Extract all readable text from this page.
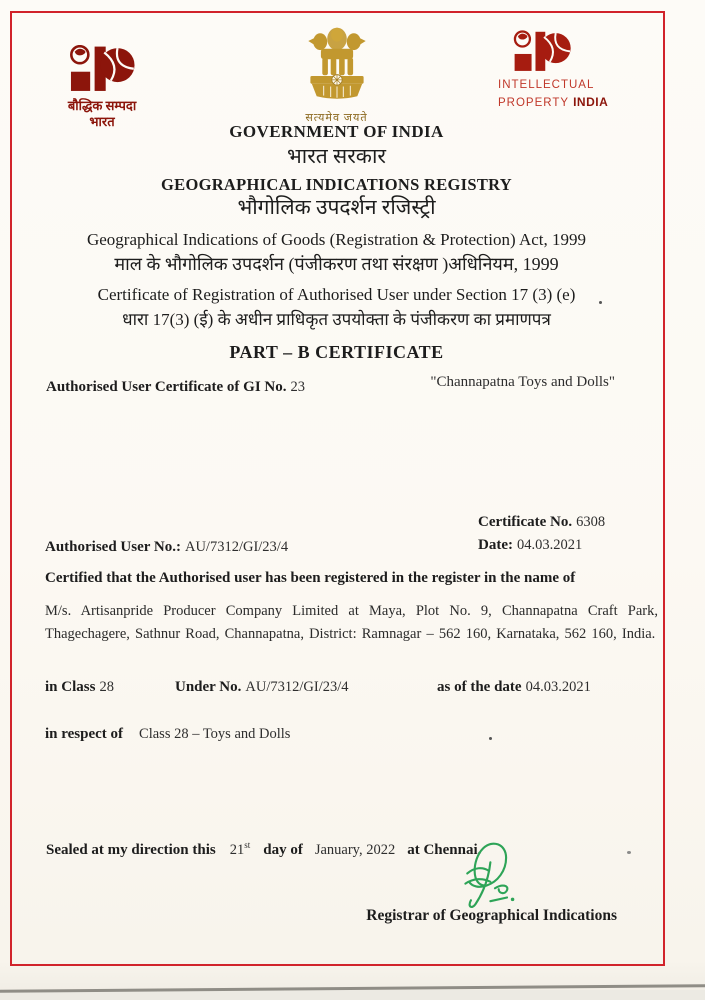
बौद्धिक सम्पदा
भारत	सत्यमेव जयते
INTELLECTUAL
PROPERTY INDIA
GOVERNMENT OF INDIA
भारत सरकार
GEOGRAPHICAL INDICATIONS REGISTRY
भौगोलिक उपदर्शन रजिस्ट्री
Geographical Indications of Goods (Registration & Protection) Act, 1999
माल के भौगोलिक उपदर्शन (पंजीकरण तथा संरक्षण )अधिनियम, 1999
Certificate of Registration of Authorised User under Section 17 (3) (e)
धारा 17(3) (ई) के अधीन प्राधिकृत उपयोक्ता के पंजीकरण का प्रमाणपत्र
PART – B CERTIFICATE
Authorised User Certificate of GI No. 23	"Channapatna Toys and Dolls"
Certificate No. 6308
Date: 04.03.2021
Authorised User No.: AU/7312/GI/23/4
Certified that the Authorised user has been registered in the register in the name of
M/s. Artisanpride Producer Company Limited at Maya, Plot No. 9, Channapatna Craft Park, Thagechagere, Sathnur Road, Channapatna, District: Ramnagar – 562 160, Karnataka, 562 160, India.
in Class 28	Under No. AU/7312/GI/23/4	as of the date 04.03.2021
in respect of Class 28 – Toys and Dolls
Sealed at my direction this 21st day of January, 2022 at Chennai.
Registrar of Geographical Indications
